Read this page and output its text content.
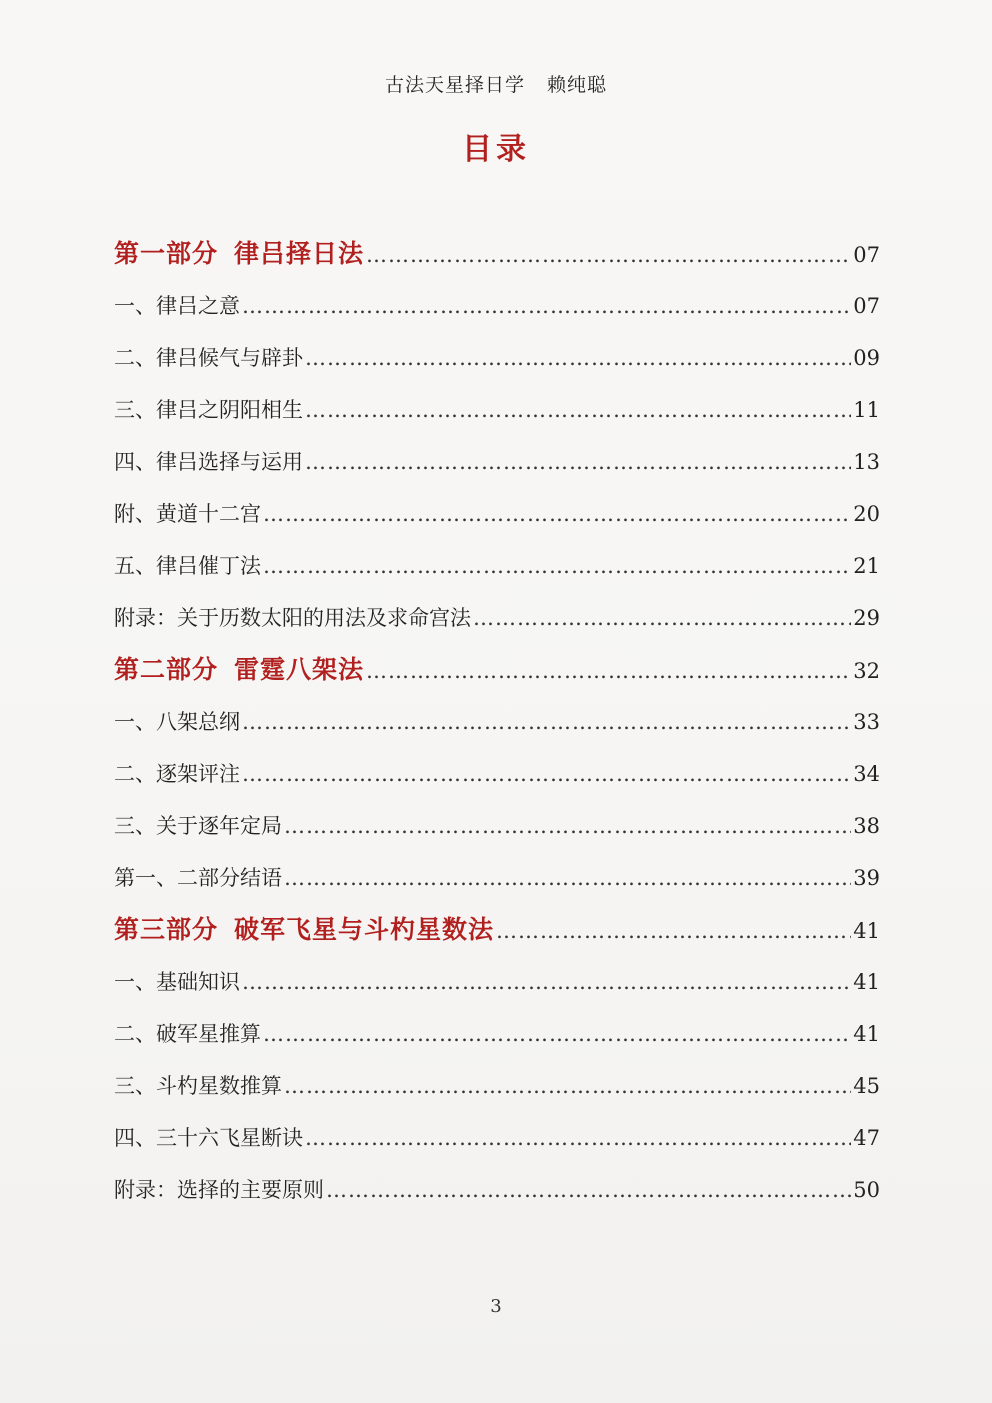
古法天星择日学 赖纯聪
目录
第一部分 律吕择日法 ………………………………………………………………………………………………………………………………………………………………………………	07
一、律吕之意 ………………………………………………………………………………………………………………………………………………………………………………	07
二、律吕候气与辟卦 ………………………………………………………………………………………………………………………………………………………………………………	09
三、律吕之阴阳相生 ………………………………………………………………………………………………………………………………………………………………………………	11
四、律吕选择与运用 ………………………………………………………………………………………………………………………………………………………………………………	13
附、黄道十二宫 ………………………………………………………………………………………………………………………………………………………………………………	20
五、律吕催丁法 ………………………………………………………………………………………………………………………………………………………………………………	21
附录：关于历数太阳的用法及求命宫法 ………………………………………………………………………………………………………………………………………………………………………………	29
第二部分 雷霆八架法 ………………………………………………………………………………………………………………………………………………………………………………	32
一、八架总纲 ………………………………………………………………………………………………………………………………………………………………………………	33
二、逐架评注 ………………………………………………………………………………………………………………………………………………………………………………	34
三、关于逐年定局 ………………………………………………………………………………………………………………………………………………………………………………	38
第一、二部分结语 ………………………………………………………………………………………………………………………………………………………………………………	39
第三部分 破军飞星与斗杓星数法 ………………………………………………………………………………………………………………………………………………………………………………	41
一、基础知识 ………………………………………………………………………………………………………………………………………………………………………………	41
二、破军星推算 ………………………………………………………………………………………………………………………………………………………………………………	41
三、斗杓星数推算 ………………………………………………………………………………………………………………………………………………………………………………	45
四、三十六飞星断诀 ………………………………………………………………………………………………………………………………………………………………………………	47
附录：选择的主要原则 ………………………………………………………………………………………………………………………………………………………………………………	50
3
